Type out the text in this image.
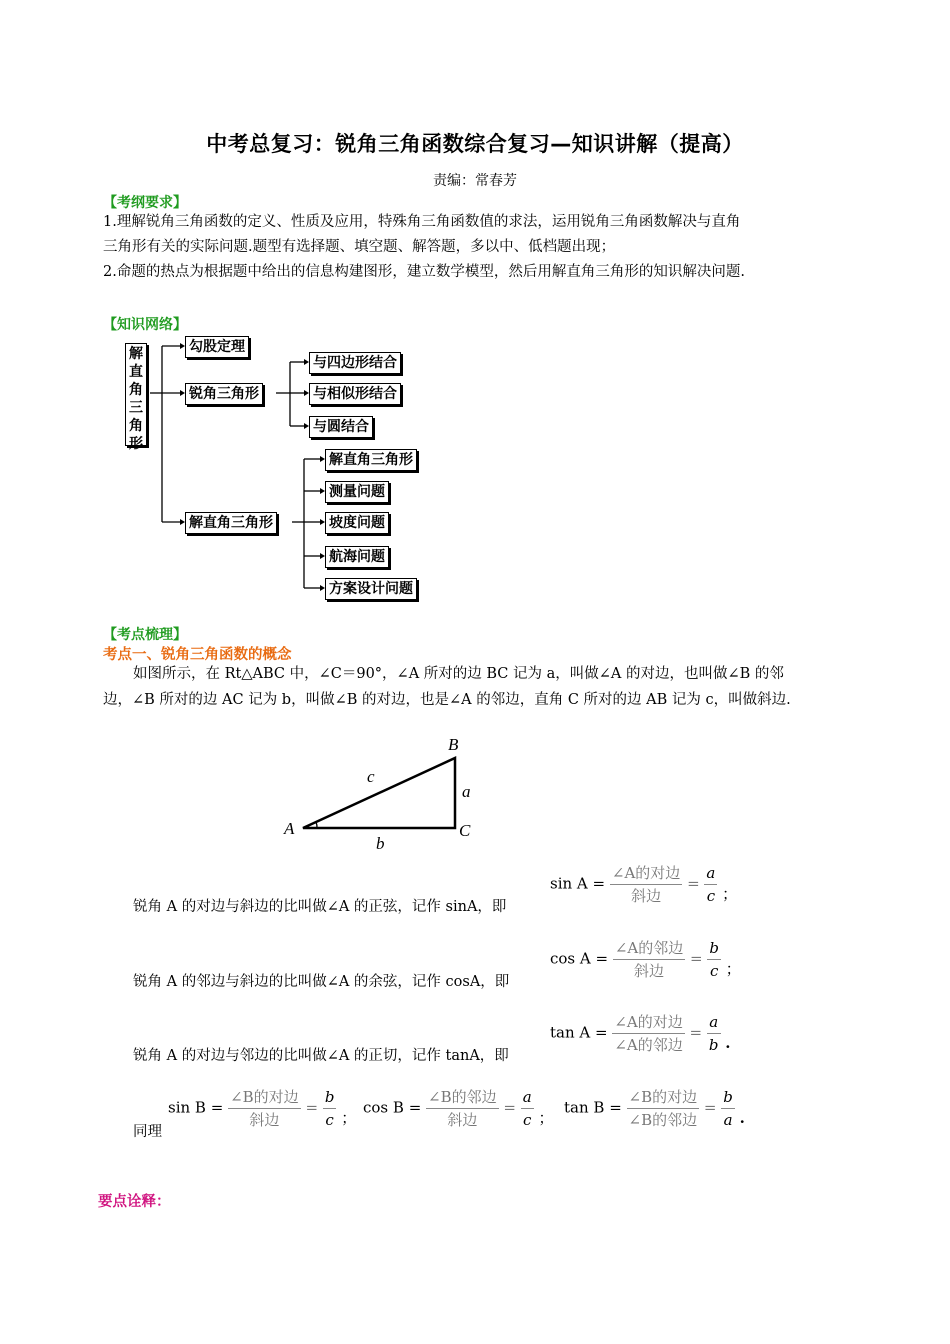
中考总复习：锐角三角函数综合复习—知识讲解（提高）
责编：常春芳
【考纲要求】
1.理解锐角三角函数的定义、性质及应用，特殊角三角函数值的求法，运用锐角三角函数解决与直角
三角形有关的实际问题.题型有选择题、填空题、解答题，多以中、低档题出现；
2.命题的热点为根据题中给出的信息构建图形，建立数学模型，然后用解直角三角形的知识解决问题.
【知识网络】
解
直
角
三
角
形
勾股定理
锐角三角形
解直角三角形
与四边形结合
与相似形结合
与圆结合
解直角三角形
测量问题
坡度问题
航海问题
方案设计问题
【考点梳理】
考点一、锐角三角函数的概念
如图所示，在 Rt△ABC 中，∠C＝90°，∠A 所对的边 BC 记为 a，叫做∠A 的对边，也叫做∠B 的邻
边，∠B 所对的边 AC 记为 b，叫做∠B 的对边，也是∠A 的邻边，直角 C 所对的边 AB 记为 c，叫做斜边.
B
A	C
a
b
c
锐角 A 的对边与斜边的比叫做∠A 的正弦，记作 sinA，即
$\sin A = \frac{\text{∠A的对边}}{\text{斜边}} = \frac{a}{c}$ ；
锐角 A 的邻边与斜边的比叫做∠A 的余弦，记作 cosA，即
$\cos A = \frac{\text{∠A的邻边}}{\text{斜边}} = \frac{b}{c}$ ；
锐角 A 的对边与邻边的比叫做∠A 的正切，记作 tanA，即
$\tan A = \frac{\text{∠A的对边}}{\text{∠A的邻边}} = \frac{a}{b}$ .
同理
$\sin B = \frac{\text{∠B的对边}}{\text{斜边}} = \frac{b}{c}$ ；
$\cos B = \frac{\text{∠B的邻边}}{\text{斜边}} = \frac{a}{c}$ ；
$\tan B = \frac{\text{∠B的对边}}{\text{∠B的邻边}} = \frac{b}{a}$ .
要点诠释：
